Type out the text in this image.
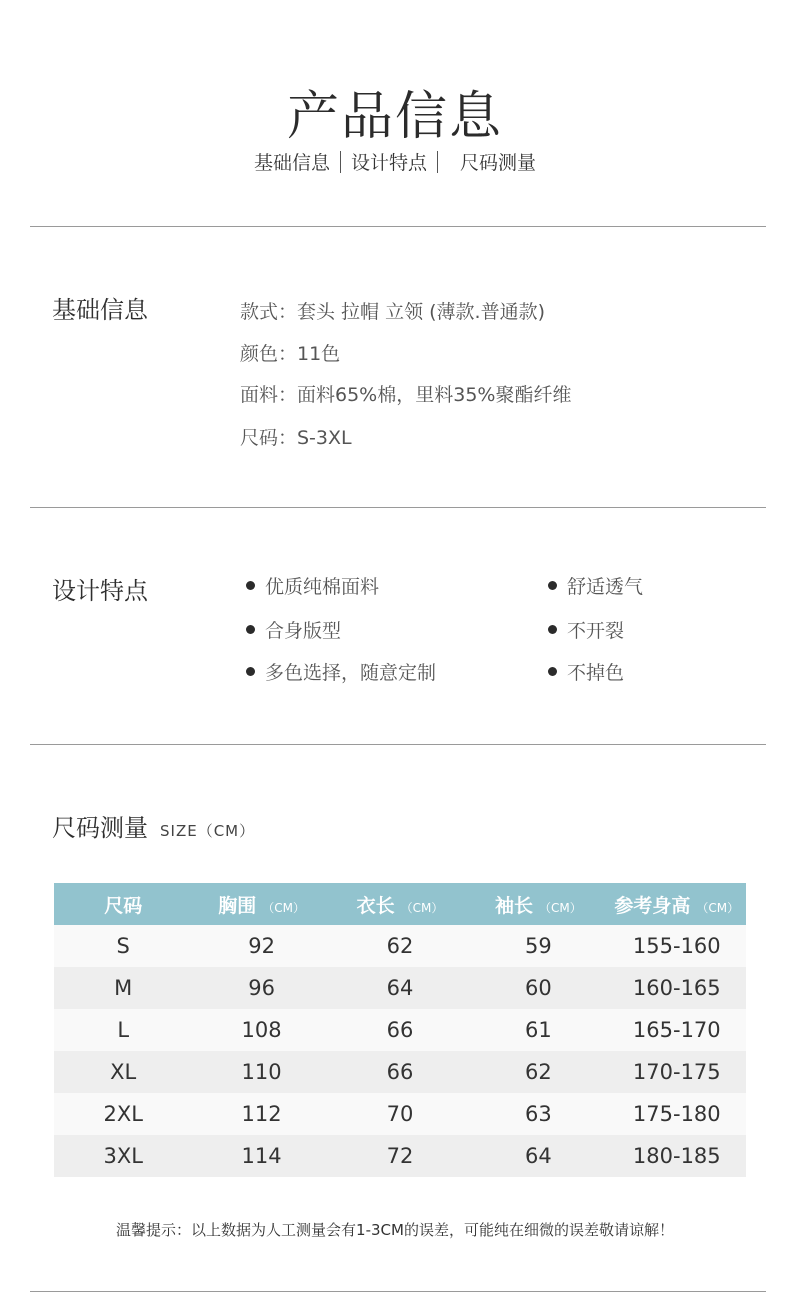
产品信息
基础信息	设计特点	尺码测量
基础信息	款式：套头 拉帽 立领 (薄款.普通款)
颜色：11色
面料：面料65%棉，里料35%聚酯纤维
尺码：S-3XL
设计特点	优质纯棉面料
合身版型
多色选择，随意定制
舒适透气
不开裂
不掉色
尺码测量 SIZE（CM）
尺码	胸围 （CM）	衣长 （CM）	袖长 （CM）	参考身高 （CM）
S	92	62	59	155-160
M	96	64	60	160-165
L	108	66	61	165-170
XL	110	66	62	170-175
2XL	112	70	63	175-180
3XL	114	72	64	180-185
温馨提示：以上数据为人工测量会有1-3CM的误差，可能纯在细微的误差敬请谅解！
